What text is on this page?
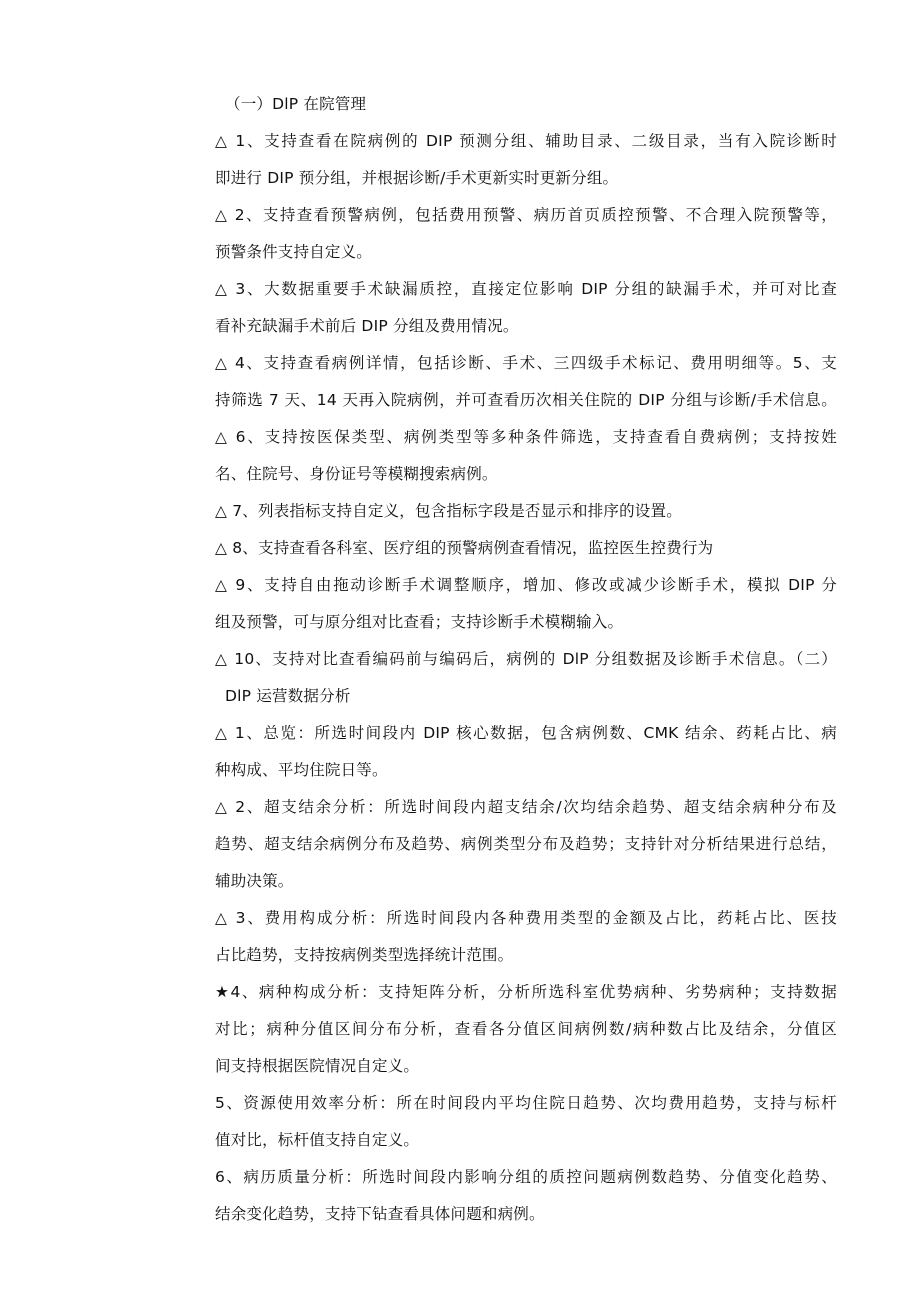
（一）DlP 在院管理
△ 1、支持查看在院病例的 DIP 预测分组、辅助目录、二级目录，当有入院诊断时
即进行 DIP 预分组，并根据诊断/手术更新实时更新分组。
△ 2、支持查看预警病例，包括费用预警、病历首页质控预警、不合理入院预警等，
预警条件支持自定义。
△ 3、大数据重要手术缺漏质控，直接定位影响 DIP 分组的缺漏手术，并可对比查
看补充缺漏手术前后 DIP 分组及费用情况。
△ 4、支持查看病例详情，包括诊断、手术、三四级手术标记、费用明细等。5、支
持筛选 7 天、14 天再入院病例，并可查看历次相关住院的 DIP 分组与诊断/手术信息。
△ 6、支持按医保类型、病例类型等多种条件筛选，支持查看自费病例；支持按姓
名、住院号、身份证号等模糊搜索病例。
△ 7、列表指标支持自定义，包含指标字段是否显示和排序的设置。
△ 8、支持查看各科室、医疗组的预警病例查看情况，监控医生控费行为
△ 9、支持自由拖动诊断手术调整顺序，增加、修改或减少诊断手术，模拟 DIP 分
组及预警，可与原分组对比查看；支持诊断手术模糊输入。
△ 10、支持对比查看编码前与编码后，病例的 DlP 分组数据及诊断手术信息。（二）
DlP 运营数据分析
△ 1、总览：所选时间段内 DIP 核心数据，包含病例数、CMK 结余、药耗占比、病
种构成、平均住院日等。
△ 2、超支结余分析：所选时间段内超支结余/次均结余趋势、超支结余病种分布及
趋势、超支结余病例分布及趋势、病例类型分布及趋势；支持针对分析结果进行总结，
辅助决策。
△ 3、费用构成分析：所选时间段内各种费用类型的金额及占比，药耗占比、医技
占比趋势，支持按病例类型选择统计范围。
★4、病种构成分析：支持矩阵分析，分析所选科室优势病种、劣势病种；支持数据
对比；病种分值区间分布分析，查看各分值区间病例数/病种数占比及结余，分值区
间支持根据医院情况自定义。
5、资源使用效率分析：所在时间段内平均住院日趋势、次均费用趋势，支持与标杆
值对比，标杆值支持自定义。
6、病历质量分析：所选时间段内影响分组的质控问题病例数趋势、分值变化趋势、
结余变化趋势，支持下钻查看具体问题和病例。
